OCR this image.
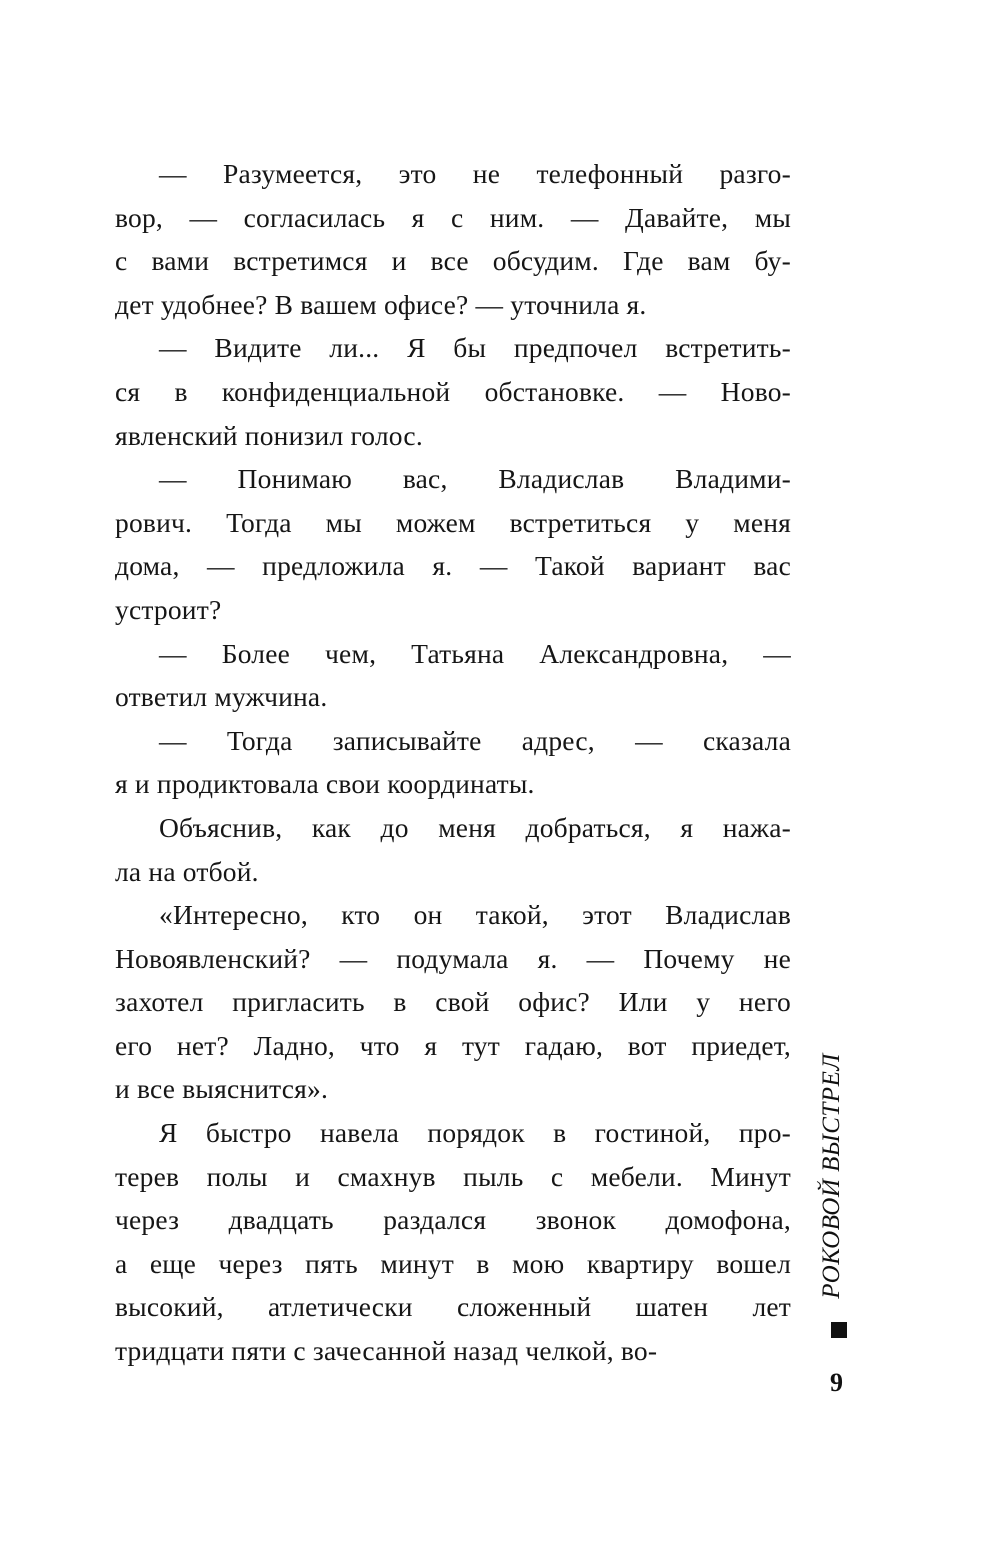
— Разумеется, это не телефонный разго-
вор, — согласилась я с ним. — Давайте, мы
с вами встретимся и все обсудим. Где вам бу-
дет удобнее? В вашем офисе? — уточнила я.
— Видите ли... Я бы предпочел встретить-
ся в конфиденциальной обстановке. — Ново-
явленский понизил голос.
— Понимаю вас, Владислав Владими-
рович. Тогда мы можем встретиться у меня
дома, — предложила я. — Такой вариант вас
устроит?
— Более чем, Татьяна Александровна, —
ответил мужчина.
— Тогда записывайте адрес, — сказала
я и продиктовала свои координаты.
Объяснив, как до меня добраться, я нажа-
ла на отбой.
«Интересно, кто он такой, этот Владислав
Новоявленский? — подумала я. — Почему не
захотел пригласить в свой офис? Или у него
его нет? Ладно, что я тут гадаю, вот приедет,
и все выяснится».
Я быстро навела порядок в гостиной, про-
терев полы и смахнув пыль с мебели. Минут
через двадцать раздался звонок домофона,
а еще через пять минут в мою квартиру вошел
высокий, атлетически сложенный шатен лет
тридцати пяти с зачесанной назад челкой, во-
РОКОВОЙ ВЫСТРЕЛ
9
